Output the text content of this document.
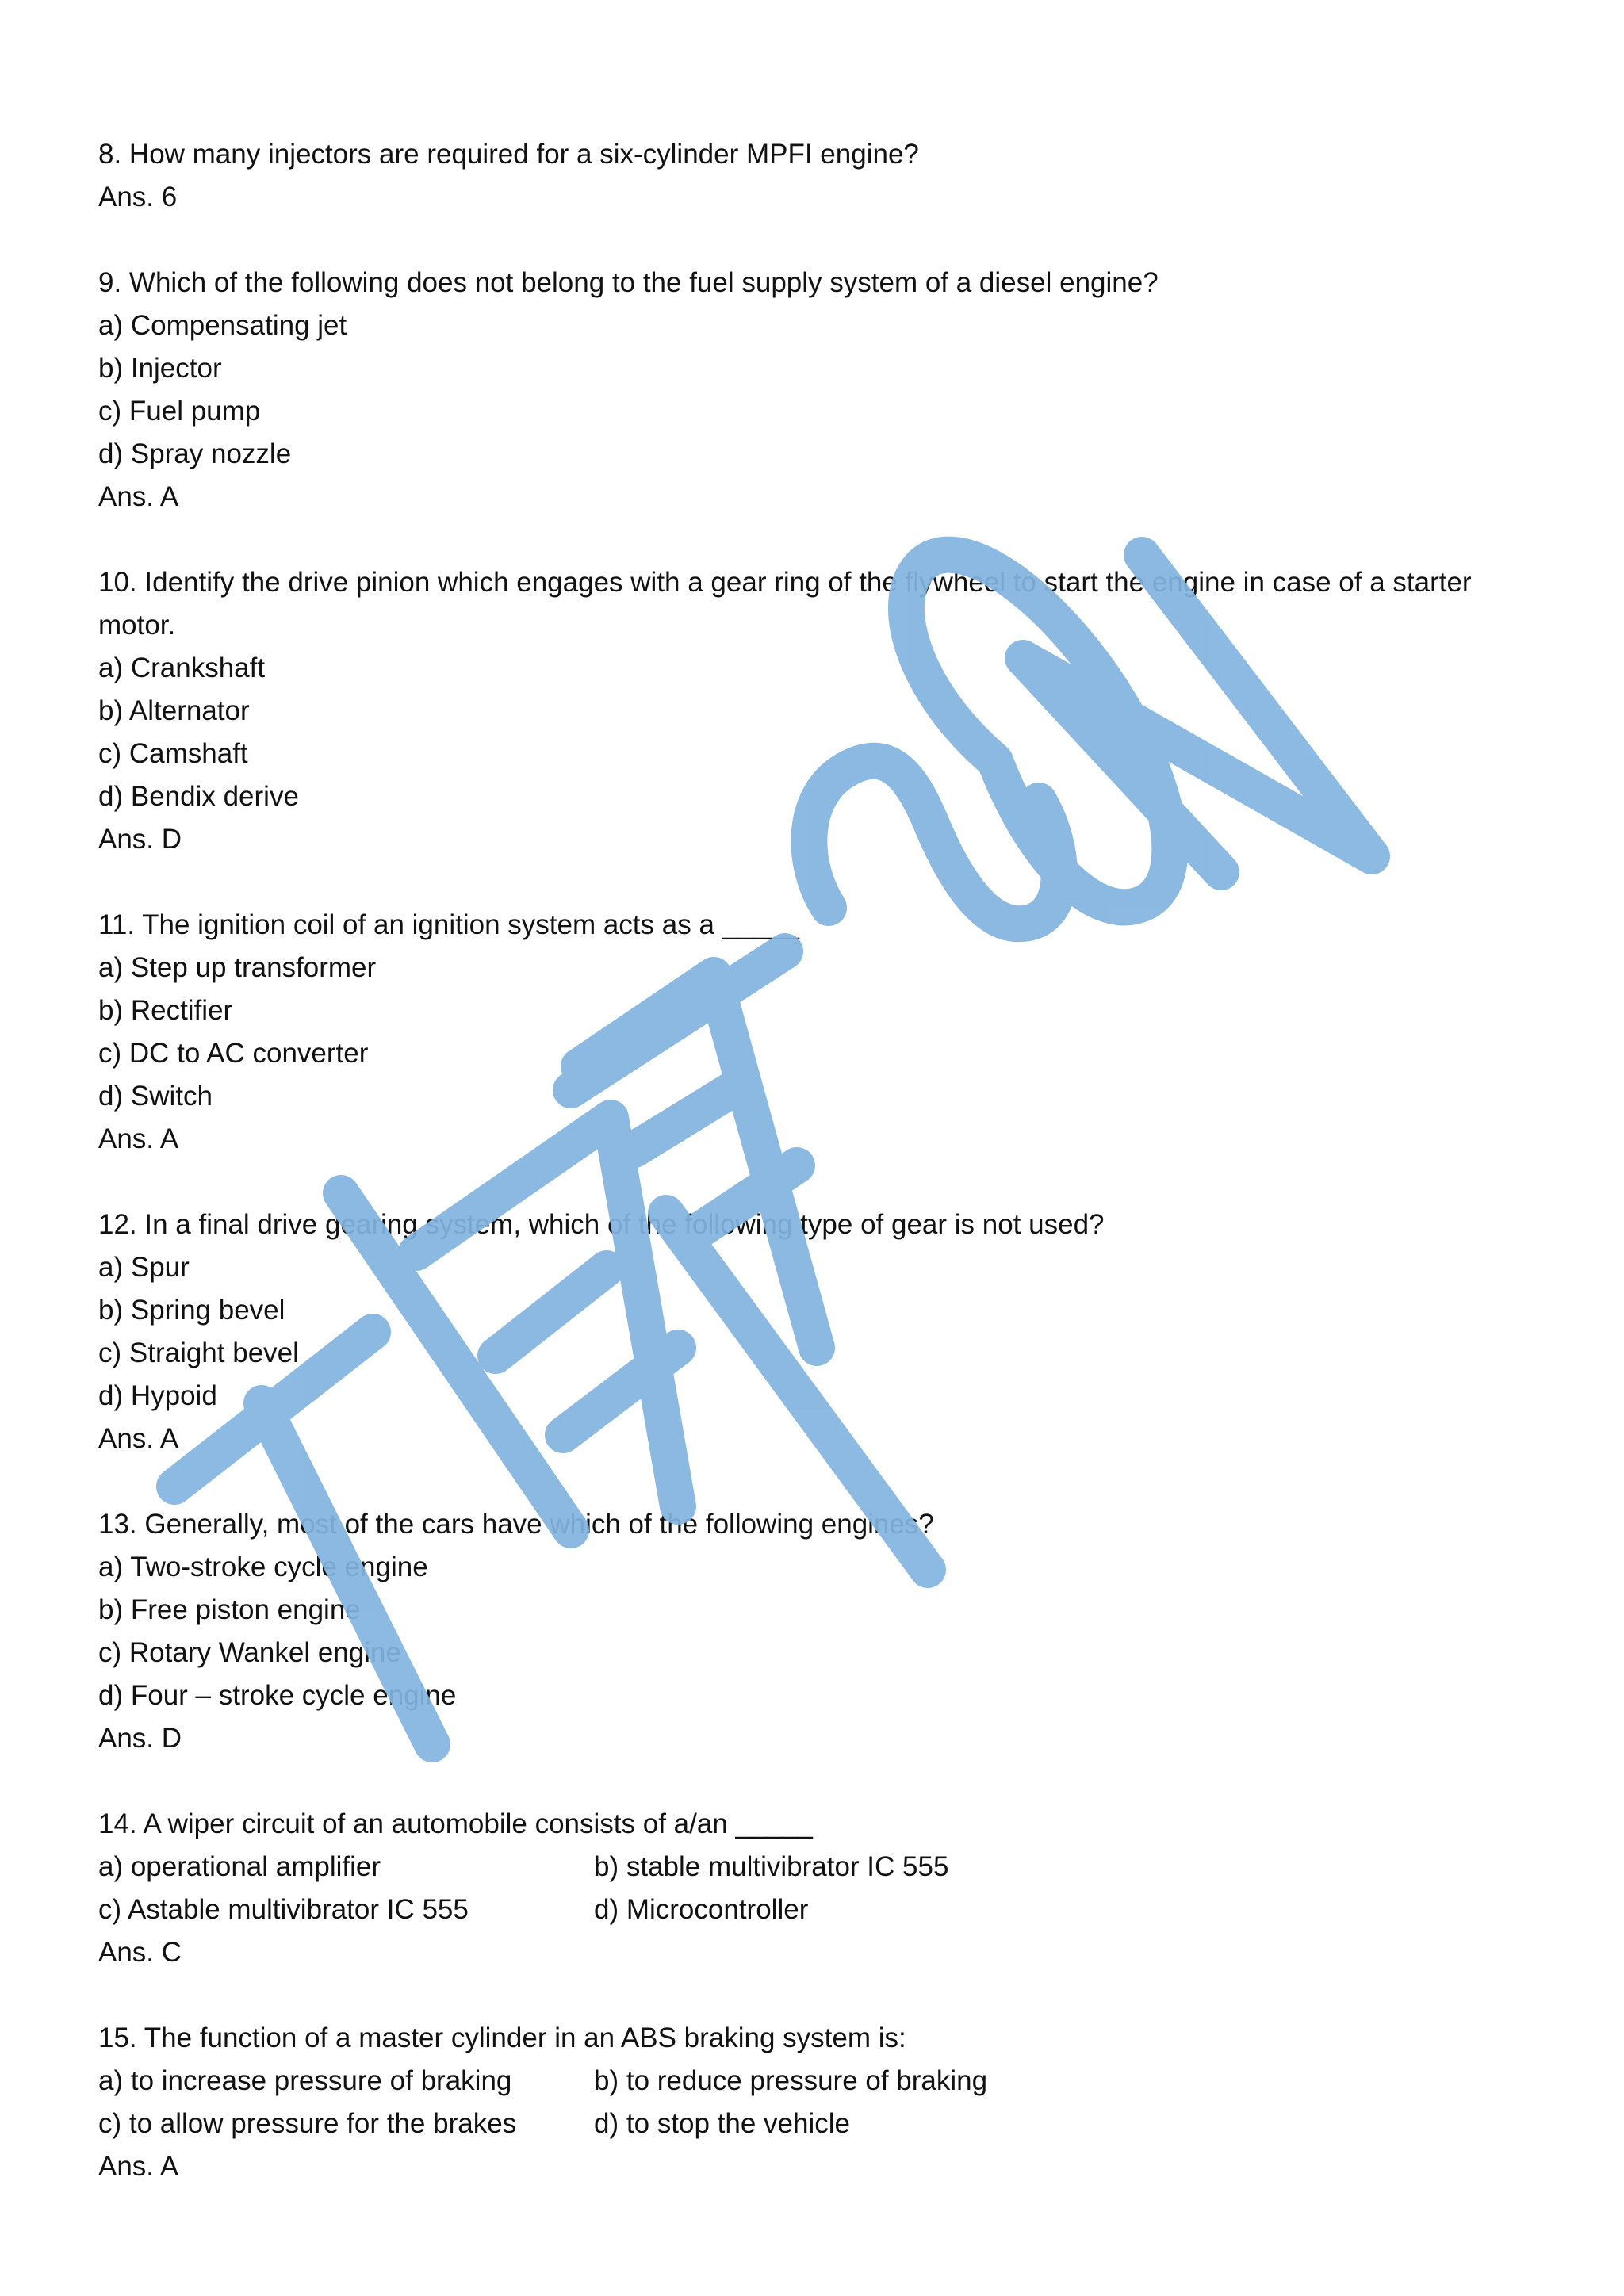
8. How many injectors are required for a six-cylinder MPFI engine?
Ans. 6
9. Which of the following does not belong to the fuel supply system of a diesel engine?
a) Compensating jet
b) Injector
c) Fuel pump
d) Spray nozzle
Ans. A
10. Identify the drive pinion which engages with a gear ring of the flywheel to start the engine in case of a starter
motor.
a) Crankshaft
b) Alternator
c) Camshaft
d) Bendix derive
Ans. D
11. The ignition coil of an ignition system acts as a _____
a) Step up transformer
b) Rectifier
c) DC to AC converter
d) Switch
Ans. A
12. In a final drive gearing system, which of the following type of gear is not used?
a) Spur
b) Spring bevel
c) Straight bevel
d) Hypoid
Ans. A
13. Generally, most of the cars have which of the following engines?
a) Two-stroke cycle engine
b) Free piston engine
c) Rotary Wankel engine
d) Four – stroke cycle engine
Ans. D
14. A wiper circuit of an automobile consists of a/an _____
a) operational amplifier	b) stable multivibrator IC 555
c) Astable multivibrator IC 555	d) Microcontroller
Ans. C
15. The function of a master cylinder in an ABS braking system is:
a) to increase pressure of braking	b) to reduce pressure of braking
c) to allow pressure for the brakes	d) to stop the vehicle
Ans. A
